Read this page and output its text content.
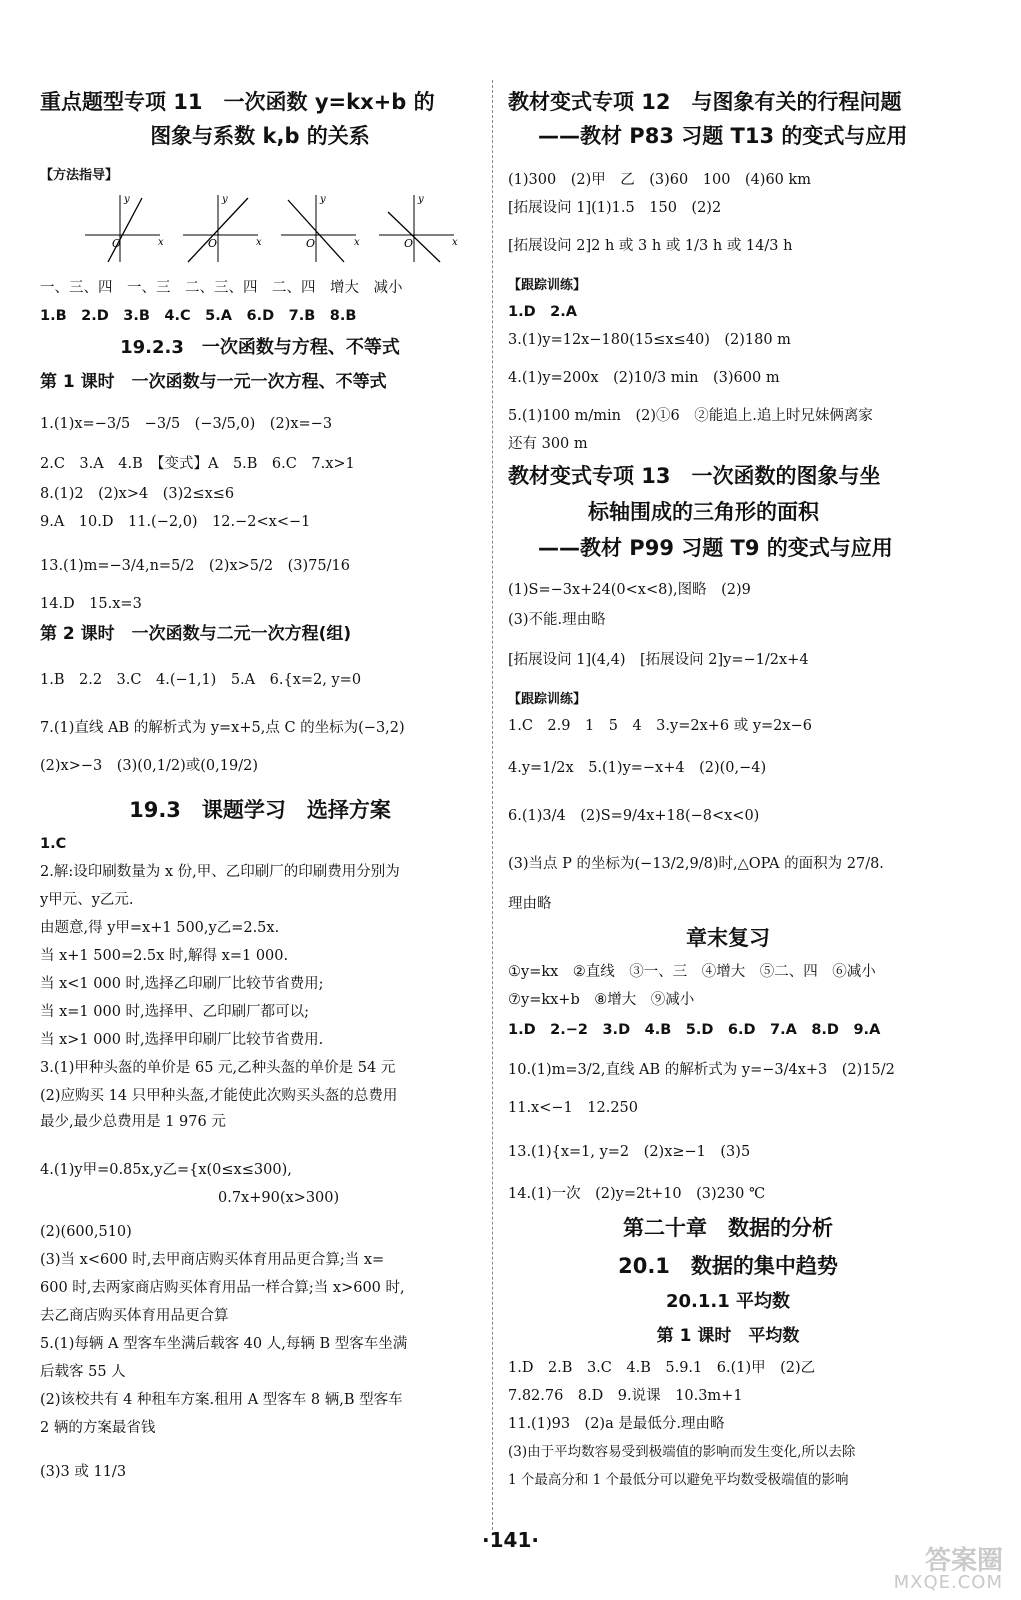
重点题型专项 11　一次函数 y=kx+b 的
图象与系数 k,b 的关系
【方法指导】
y
O	x
y
O	x
y
O	x
y
O	x
一、三、四　一、三　二、三、四　二、四　增大　减小
1.B　2.D　3.B　4.C　5.A　6.D　7.B　8.B
19.2.3　一次函数与方程、不等式
第 1 课时　一次函数与一元一次方程、不等式
1.(1)x=−3/5　−3/5　(−3/5,0)　(2)x=−3
2.C　3.A　4.B　【变式】A　5.B　6.C　7.x>1
8.(1)2　(2)x>4　(3)2≤x≤6
9.A　10.D　11.(−2,0)　12.−2<x<−1
13.(1)m=−3/4,n=5/2　(2)x>5/2　(3)75/16
14.D　15.x=3
第 2 课时　一次函数与二元一次方程(组)
1.B　2.2　3.C　4.(−1,1)　5.A　6.{x=2, y=0
7.(1)直线 AB 的解析式为 y=x+5,点 C 的坐标为(−3,2)
(2)x>−3　(3)(0,1/2)或(0,19/2)
19.3　课题学习　选择方案
1.C
2.解:设印刷数量为 x 份,甲、乙印刷厂的印刷费用分别为
y甲元、y乙元.
由题意,得 y甲=x+1 500,y乙=2.5x.
当 x+1 500=2.5x 时,解得 x=1 000.
当 x<1 000 时,选择乙印刷厂比较节省费用;
当 x=1 000 时,选择甲、乙印刷厂都可以;
当 x>1 000 时,选择甲印刷厂比较节省费用.
3.(1)甲种头盔的单价是 65 元,乙种头盔的单价是 54 元
(2)应购买 14 只甲种头盔,才能使此次购买头盔的总费用
最少,最少总费用是 1 976 元
4.(1)y甲=0.85x,y乙={x(0≤x≤300),
0.7x+90(x>300)
(2)(600,510)
(3)当 x<600 时,去甲商店购买体育用品更合算;当 x=
600 时,去两家商店购买体育用品一样合算;当 x>600 时,
去乙商店购买体育用品更合算
5.(1)每辆 A 型客车坐满后载客 40 人,每辆 B 型客车坐满
后载客 55 人
(2)该校共有 4 种租车方案.租用 A 型客车 8 辆,B 型客车
2 辆的方案最省钱
(3)3 或 11/3
教材变式专项 12　与图象有关的行程问题
——教材 P83 习题 T13 的变式与应用
(1)300　(2)甲　乙　(3)60　100　(4)60 km
[拓展设问 1](1)1.5　150　(2)2
[拓展设问 2]2 h 或 3 h 或 1/3 h 或 14/3 h
【跟踪训练】
1.D　2.A
3.(1)y=12x−180(15≤x≤40)　(2)180 m
4.(1)y=200x　(2)10/3 min　(3)600 m
5.(1)100 m/min　(2)①6　②能追上.追上时兄妹俩离家
还有 300 m
教材变式专项 13　一次函数的图象与坐
标轴围成的三角形的面积
——教材 P99 习题 T9 的变式与应用
(1)S=−3x+24(0<x<8),图略　(2)9
(3)不能.理由略
[拓展设问 1](4,4)　[拓展设问 2]y=−1/2x+4
【跟踪训练】
1.C　2.9　1　5　4　3.y=2x+6 或 y=2x−6
4.y=1/2x　5.(1)y=−x+4　(2)(0,−4)
6.(1)3/4　(2)S=9/4x+18(−8<x<0)
(3)当点 P 的坐标为(−13/2,9/8)时,△OPA 的面积为 27/8.
理由略
章末复习
①y=kx　②直线　③一、三　④增大　⑤二、四　⑥减小
⑦y=kx+b　⑧增大　⑨减小
1.D　2.−2　3.D　4.B　5.D　6.D　7.A　8.D　9.A
10.(1)m=3/2,直线 AB 的解析式为 y=−3/4x+3　(2)15/2
11.x<−1　12.250
13.(1){x=1, y=2　(2)x≥−1　(3)5
14.(1)一次　(2)y=2t+10　(3)230 ℃
第二十章　数据的分析
20.1　数据的集中趋势
20.1.1 平均数
第 1 课时　平均数
1.D　2.B　3.C　4.B　5.9.1　6.(1)甲　(2)乙
7.82.76　8.D　9.说课　10.3m+1
11.(1)93　(2)a 是最低分.理由略
(3)由于平均数容易受到极端值的影响而发生变化,所以去除
1 个最高分和 1 个最低分可以避免平均数受极端值的影响
·141·
答案圈
MXQE.COM
